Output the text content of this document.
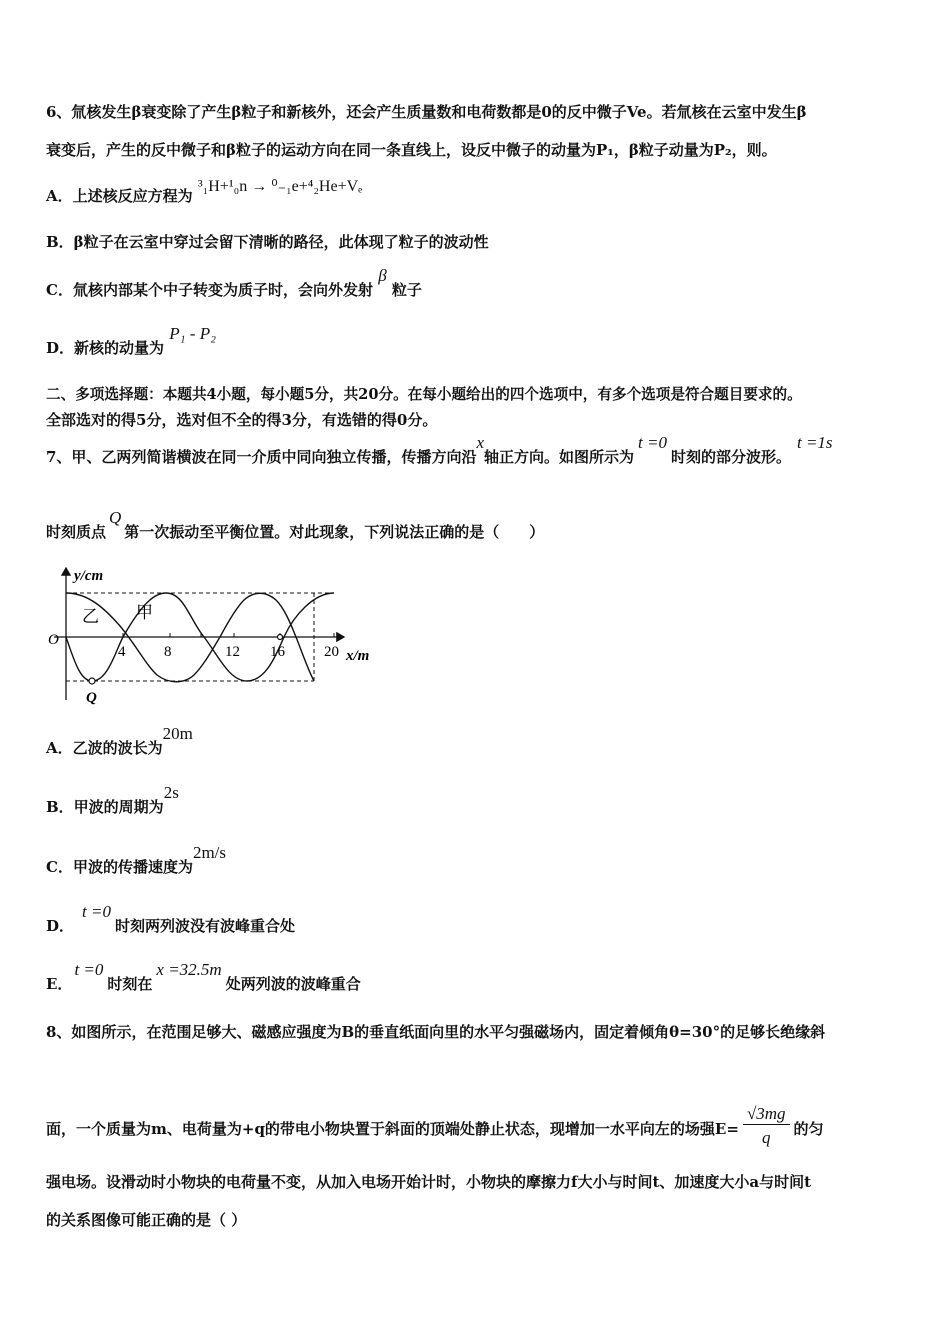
6、氚核发生β衰变除了产生β粒子和新核外，还会产生质量数和电荷数都是0的反中微子Ve。若氚核在云室中发生β
衰变后，产生的反中微子和β粒子的运动方向在同一条直线上，设反中微子的动量为P₁，β粒子动量为P₂，则。
A．上述核反应方程为 ³₁H+¹₀n → ⁰₋₁e+⁴₂He+Vₑ
B．β粒子在云室中穿过会留下清晰的路径，此体现了粒子的波动性
C．氚核内部某个中子转变为质子时，会向外发射 β 粒子
D．新核的动量为 P₁ - P₂
二、多项选择题：本题共4小题，每小题5分，共20分。在每小题给出的四个选项中，有多个选项是符合题目要求的。
全部选对的得5分，选对但不全的得3分，有选错的得0分。
7、甲、乙两列简谐横波在同一介质中同向独立传播，传播方向沿x轴正方向。如图所示为t =0时刻的部分波形。t =1s
时刻质点Q第一次振动至平衡位置。对此现象，下列说法正确的是（　　）
O
y/cm
x/m
乙 甲
4	8	12 16	20
Q
A．乙波的波长为20m
B．甲波的周期为2s
C．甲波的传播速度为2m/s
D．t =0时刻两列波没有波峰重合处
E．t =0时刻在x =32.5m处两列波的波峰重合
8、如图所示，在范围足够大、磁感应强度为B的垂直纸面向里的水平匀强磁场内，固定着倾角θ=30°的足够长绝缘斜
面，一个质量为m、电荷量为+q的带电小物块置于斜面的顶端处静止状态，现增加一水平向左的场强$E= \frac{√3mg}{q}$ 的匀
强电场。设滑动时小物块的电荷量不变，从加入电场开始计时，小物块的摩擦力f大小与时间t、加速度大小a与时间t
的关系图像可能正确的是（ ）
